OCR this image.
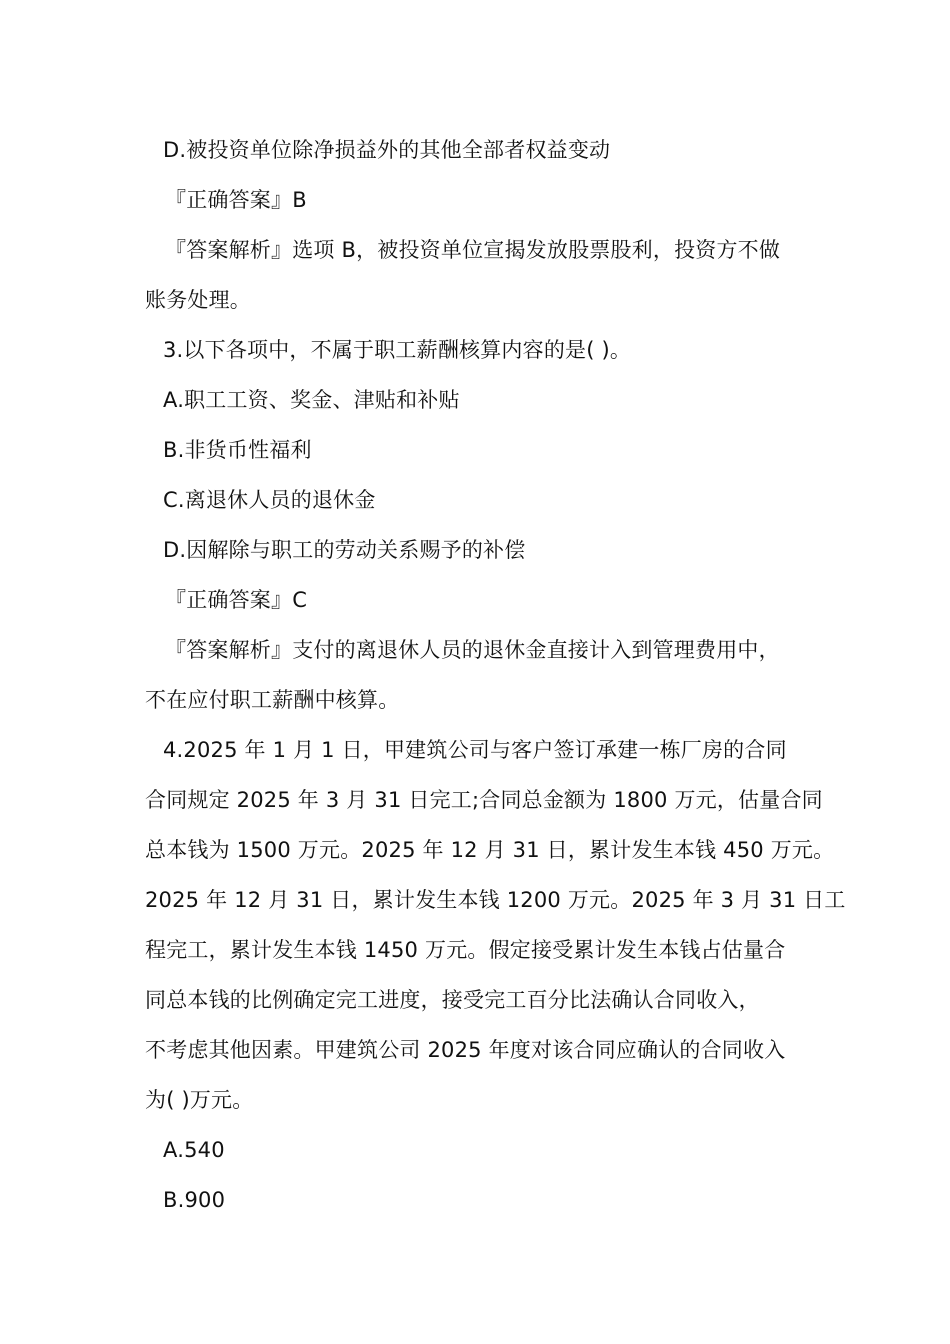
D.被投资单位除净损益外的其他全部者权益变动
『正确答案』B
『答案解析』选项 B，被投资单位宣揭发放股票股利，投资方不做
账务处理。
3.以下各项中，不属于职工薪酬核算内容的是( )。
A.职工工资、奖金、津贴和补贴
B.非货币性福利
C.离退休人员的退休金
D.因解除与职工的劳动关系赐予的补偿
『正确答案』C
『答案解析』支付的离退休人员的退休金直接计入到管理费用中，
不在应付职工薪酬中核算。
4.2025 年 1 月 1 日，甲建筑公司与客户签订承建一栋厂房的合同
合同规定 2025 年 3 月 31 日完工;合同总金额为 1800 万元，估量合同
总本钱为 1500 万元。2025 年 12 月 31 日，累计发生本钱 450 万元。
2025 年 12 月 31 日，累计发生本钱 1200 万元。2025 年 3 月 31 日工
程完工，累计发生本钱 1450 万元。假定接受累计发生本钱占估量合
同总本钱的比例确定完工进度，接受完工百分比法确认合同收入，
不考虑其他因素。甲建筑公司 2025 年度对该合同应确认的合同收入
为( )万元。
A.540
B.900
